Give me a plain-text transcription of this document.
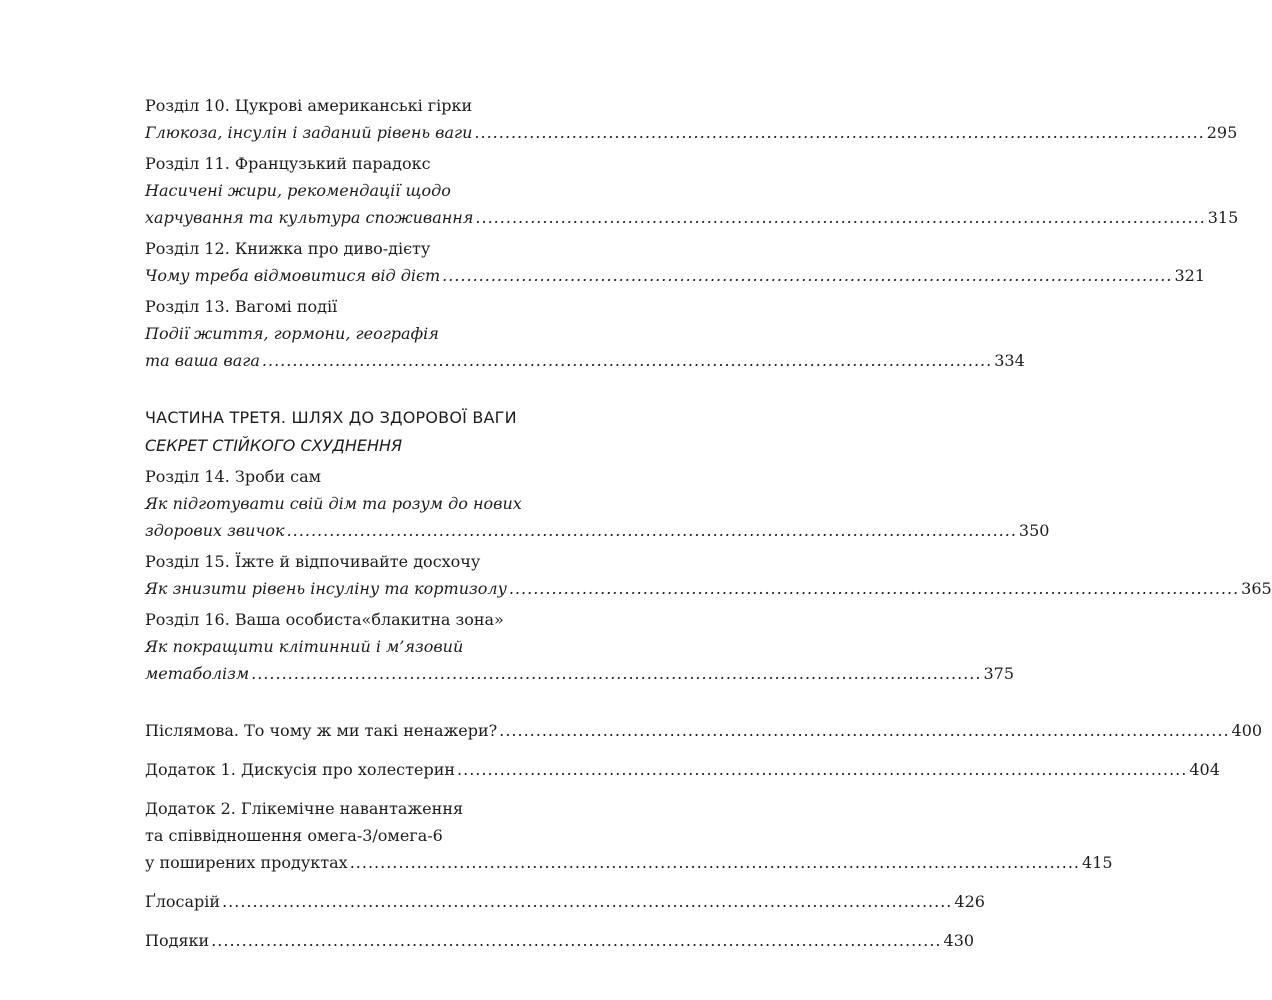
Розділ 10. Цукрові американські гірки
Глюкоза, інсулін і заданий рівень ваги ........................................................................................................................ 295
Розділ 11. Французький парадокс
Насичені жири, рекомендації щодо
харчування та культура споживання ........................................................................................................................ 315
Розділ 12. Книжка про диво-дієту
Чому треба відмовитися від дієт ........................................................................................................................ 321
Розділ 13. Вагомі події
Події життя, гормони, географія
та ваша вага ........................................................................................................................ 334
ЧАСТИНА ТРЕТЯ. ШЛЯХ ДО ЗДОРОВОЇ ВАГИ
СЕКРЕТ СТІЙКОГО СХУДНЕННЯ
Розділ 14. Зроби сам
Як підготувати свій дім та розум до нових
здорових звичок ........................................................................................................................ 350
Розділ 15. Їжте й відпочивайте досхочу
Як знизити рівень інсуліну та кортизолу ........................................................................................................................ 365
Розділ 16. Ваша особиста«блакитна зона»
Як покращити клітинний і м’язовий
метаболізм ........................................................................................................................ 375
Післямова. То чому ж ми такі ненажери? ........................................................................................................................ 400
Додаток 1. Дискусія про холестерин ........................................................................................................................ 404
Додаток 2. Глікемічне навантаження
та співвідношення омега-3/омега-6
у поширених продуктах ........................................................................................................................ 415
Ґлосарій ........................................................................................................................ 426
Подяки ........................................................................................................................ 430
